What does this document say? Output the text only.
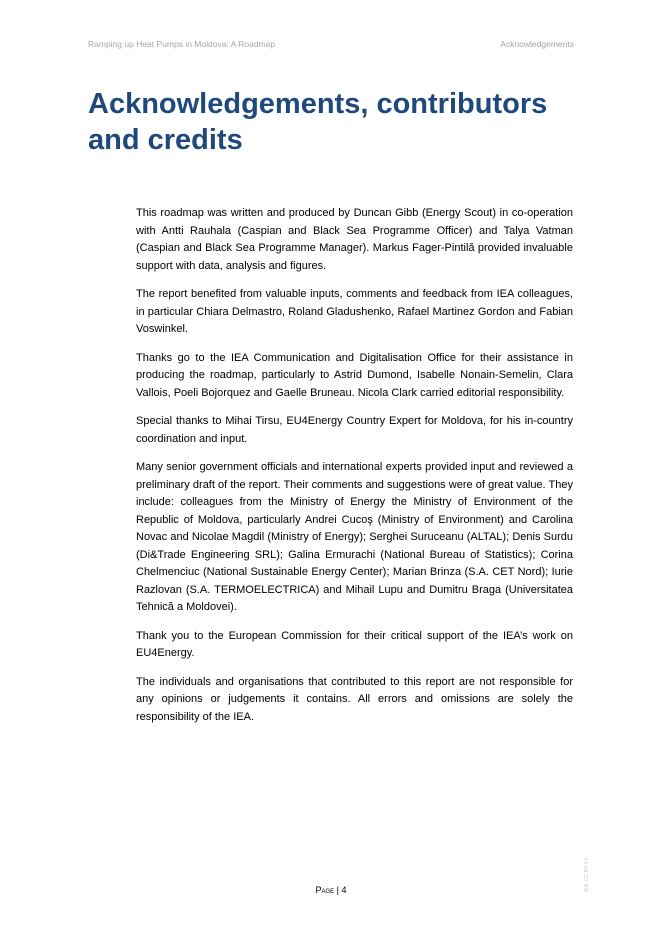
Ramping up Heat Pumps in Moldova: A Roadmap	Acknowledgements
Acknowledgements, contributors and credits

This roadmap was written and produced by Duncan Gibb (Energy Scout) in co-operation with Antti Rauhala (Caspian and Black Sea Programme Officer) and Talya Vatman (Caspian and Black Sea Programme Manager). Markus Fager-Pintilă provided invaluable support with data, analysis and figures.

The report benefited from valuable inputs, comments and feedback from IEA colleagues, in particular Chiara Delmastro, Roland Gladushenko, Rafael Martinez Gordon and Fabian Voswinkel.

Thanks go to the IEA Communication and Digitalisation Office for their assistance in producing the roadmap, particularly to Astrid Dumond, Isabelle Nonain-Semelin, Clara Vallois, Poeli Bojorquez and Gaelle Bruneau. Nicola Clark carried editorial responsibility.

Special thanks to Mihai Tirsu, EU4Energy Country Expert for Moldova, for his in-country coordination and input.

Many senior government officials and international experts provided input and reviewed a preliminary draft of the report. Their comments and suggestions were of great value. They include: colleagues from the Ministry of Energy the Ministry of Environment of the Republic of Moldova, particularly Andrei Cucoş (Ministry of Environment) and Carolina Novac and Nicolae Magdil (Ministry of Energy); Serghei Suruceanu (ALTAL); Denis Surdu (Di&Trade Engineering SRL); Galina Ermurachi (National Bureau of Statistics); Corina Chelmenciuc (National Sustainable Energy Center); Marian Brinza (S.A. CET Nord); Iurie Razlovan (S.A. TERMOELECTRICA) and Mihail Lupu and Dumitru Braga (Universitatea Tehnică a Moldovei).

Thank you to the European Commission for their critical support of the IEA’s work on EU4Energy.

The individuals and organisations that contributed to this report are not responsible for any opinions or judgements it contains. All errors and omissions are solely the responsibility of the IEA.

IEA. CC BY 4.0.
Page | 4
